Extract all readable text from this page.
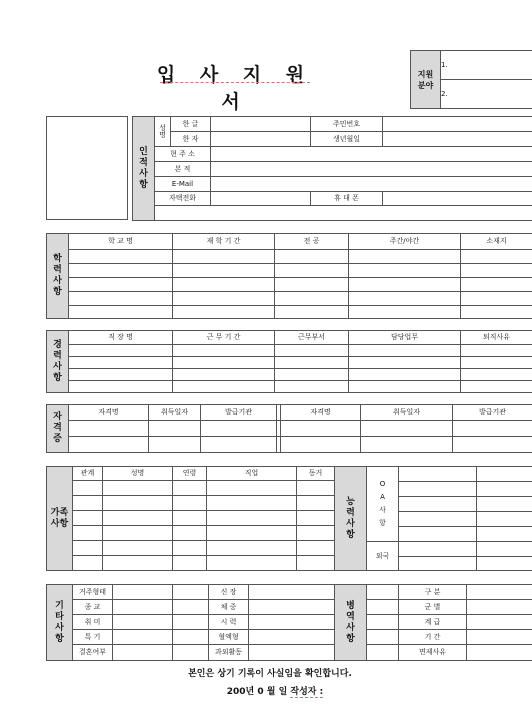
입 사 지 원 서
지원
분야	1.
2.
인
적
사
항	성
명	한 글		주민번호	
		한 자		생년월일	
	현 주 소				
	본 적				
	E-Mail				
	자택전화			휴 대 폰	

학
력
사
항	학 교 명	재 학 기 간	전 공	주간/야간	소재지

경
력
사
항	직 장 명	근 무 기 간	근무부서	담당업무	퇴직사유

자
격
증	자격명	취득일자	발급기관		자격명	취득일자	발급기관

가족
사항	관계	성명	연령	직업	동거

능
력
사
항	O
A
사
항		

	외국		

기
타
사
항	거주형태			신 장	
	종 교			체 중	
	취 미			시 력	
	특 기			혈액형	
	결혼여부			과외활동	
병
역
사
항		구 분	
		군 별	
		계 급	
		기 간	
		면제사유	
본인은 상기 기록이 사실임을 확인합니다.
200년 0 월 일 작성자 :
